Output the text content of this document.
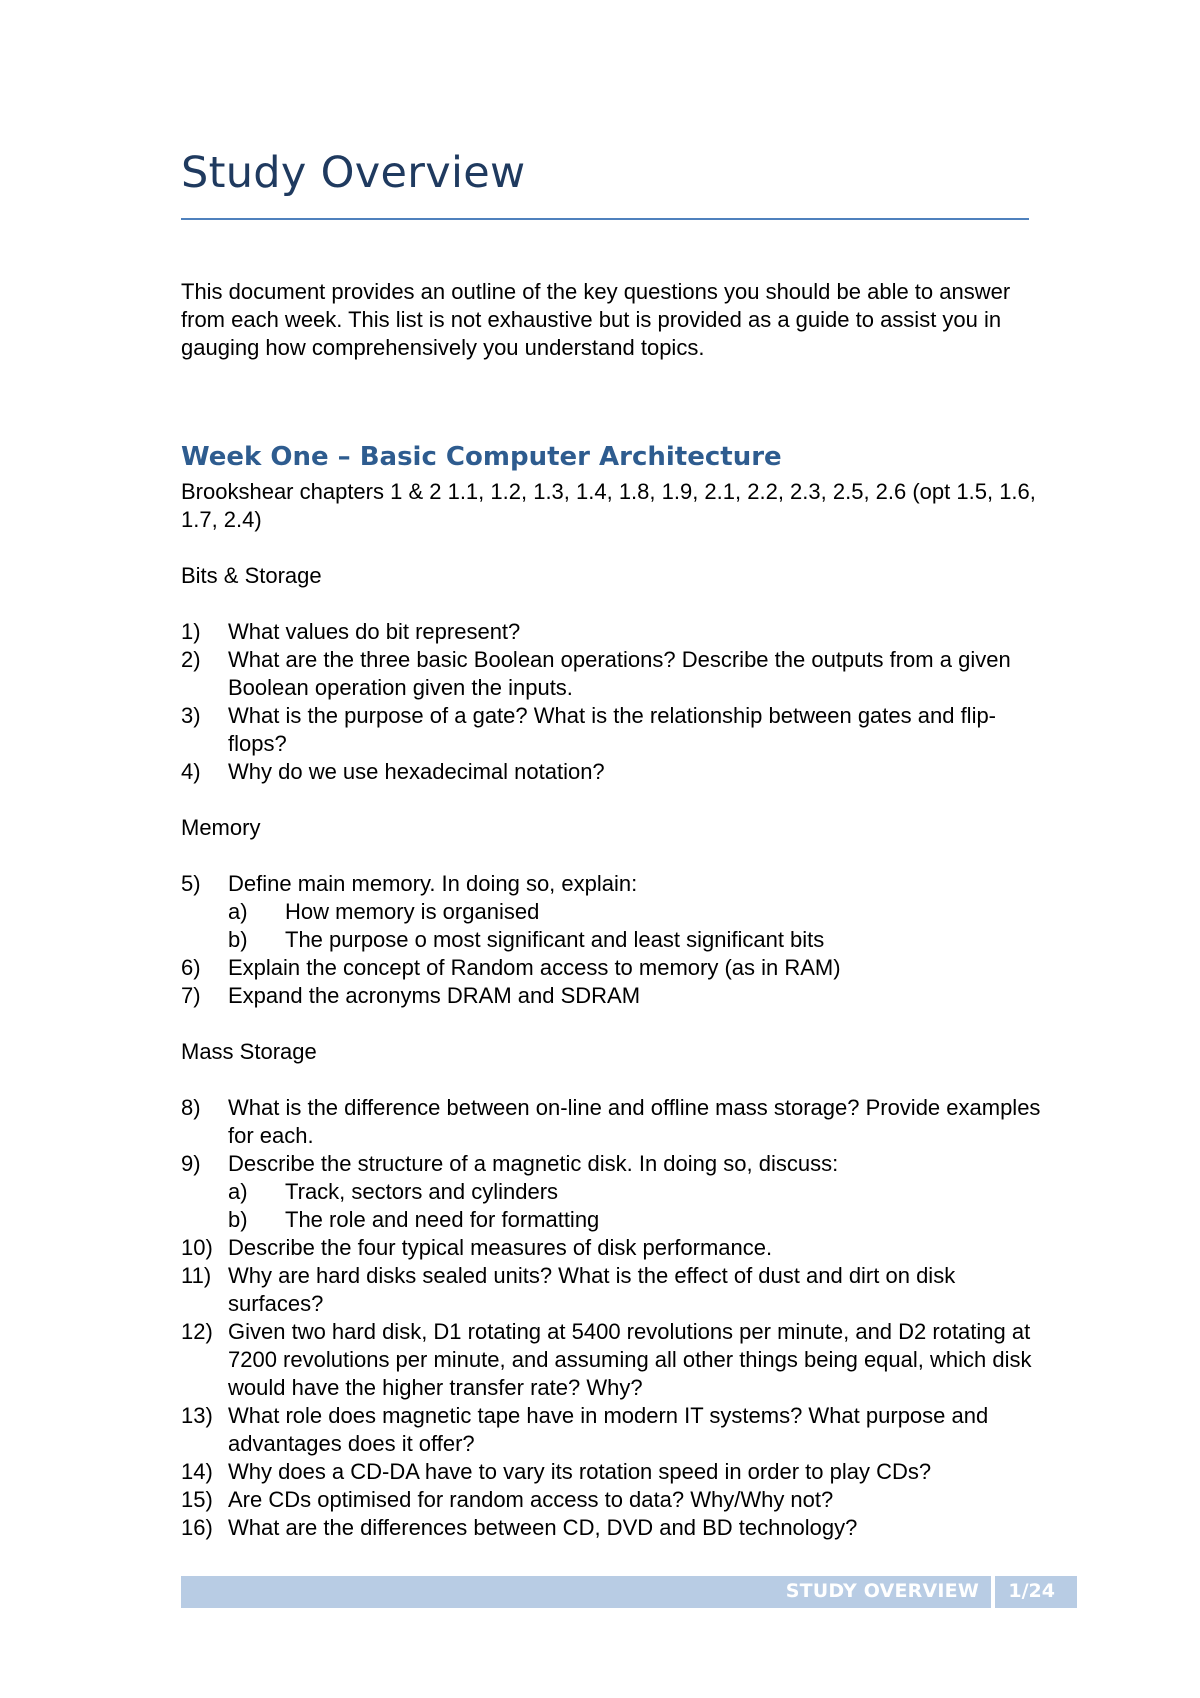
Study Overview

This document provides an outline of the key questions you should be able to answer from each week. This list is not exhaustive but is provided as a guide to assist you in gauging how comprehensively you understand topics.

Week One – Basic Computer Architecture

Brookshear chapters 1 & 2 1.1, 1.2, 1.3, 1.4, 1.8, 1.9, 2.1, 2.2, 2.3, 2.5, 2.6 (opt 1.5, 1.6, 1.7, 2.4)

Bits & Storage

1)	What values do bit represent?
2)	What are the three basic Boolean operations? Describe the outputs from a given Boolean operation given the inputs.
3)	What is the purpose of a gate? What is the relationship between gates and flip-flops?
4)	Why do we use hexadecimal notation?

Memory

5)	Define main memory. In doing so, explain:
a)	How memory is organised
b)	The purpose o most significant and least significant bits
6)	Explain the concept of Random access to memory (as in RAM)
7)	Expand the acronyms DRAM and SDRAM

Mass Storage

8)	What is the difference between on-line and offline mass storage? Provide examples for each.
9)	Describe the structure of a magnetic disk. In doing so, discuss:
a)	Track, sectors and cylinders
b)	The role and need for formatting
10) Describe the four typical measures of disk performance.
11) Why are hard disks sealed units? What is the effect of dust and dirt on disk surfaces?
12) Given two hard disk, D1 rotating at 5400 revolutions per minute, and D2 rotating at 7200 revolutions per minute, and assuming all other things being equal, which disk would have the higher transfer rate? Why?
13) What role does magnetic tape have in modern IT systems? What purpose and advantages does it offer?
14) Why does a CD-DA have to vary its rotation speed in order to play CDs?
15) Are CDs optimised for random access to data? Why/Why not?
16) What are the differences between CD, DVD and BD technology?
STUDY OVERVIEW 1/24
